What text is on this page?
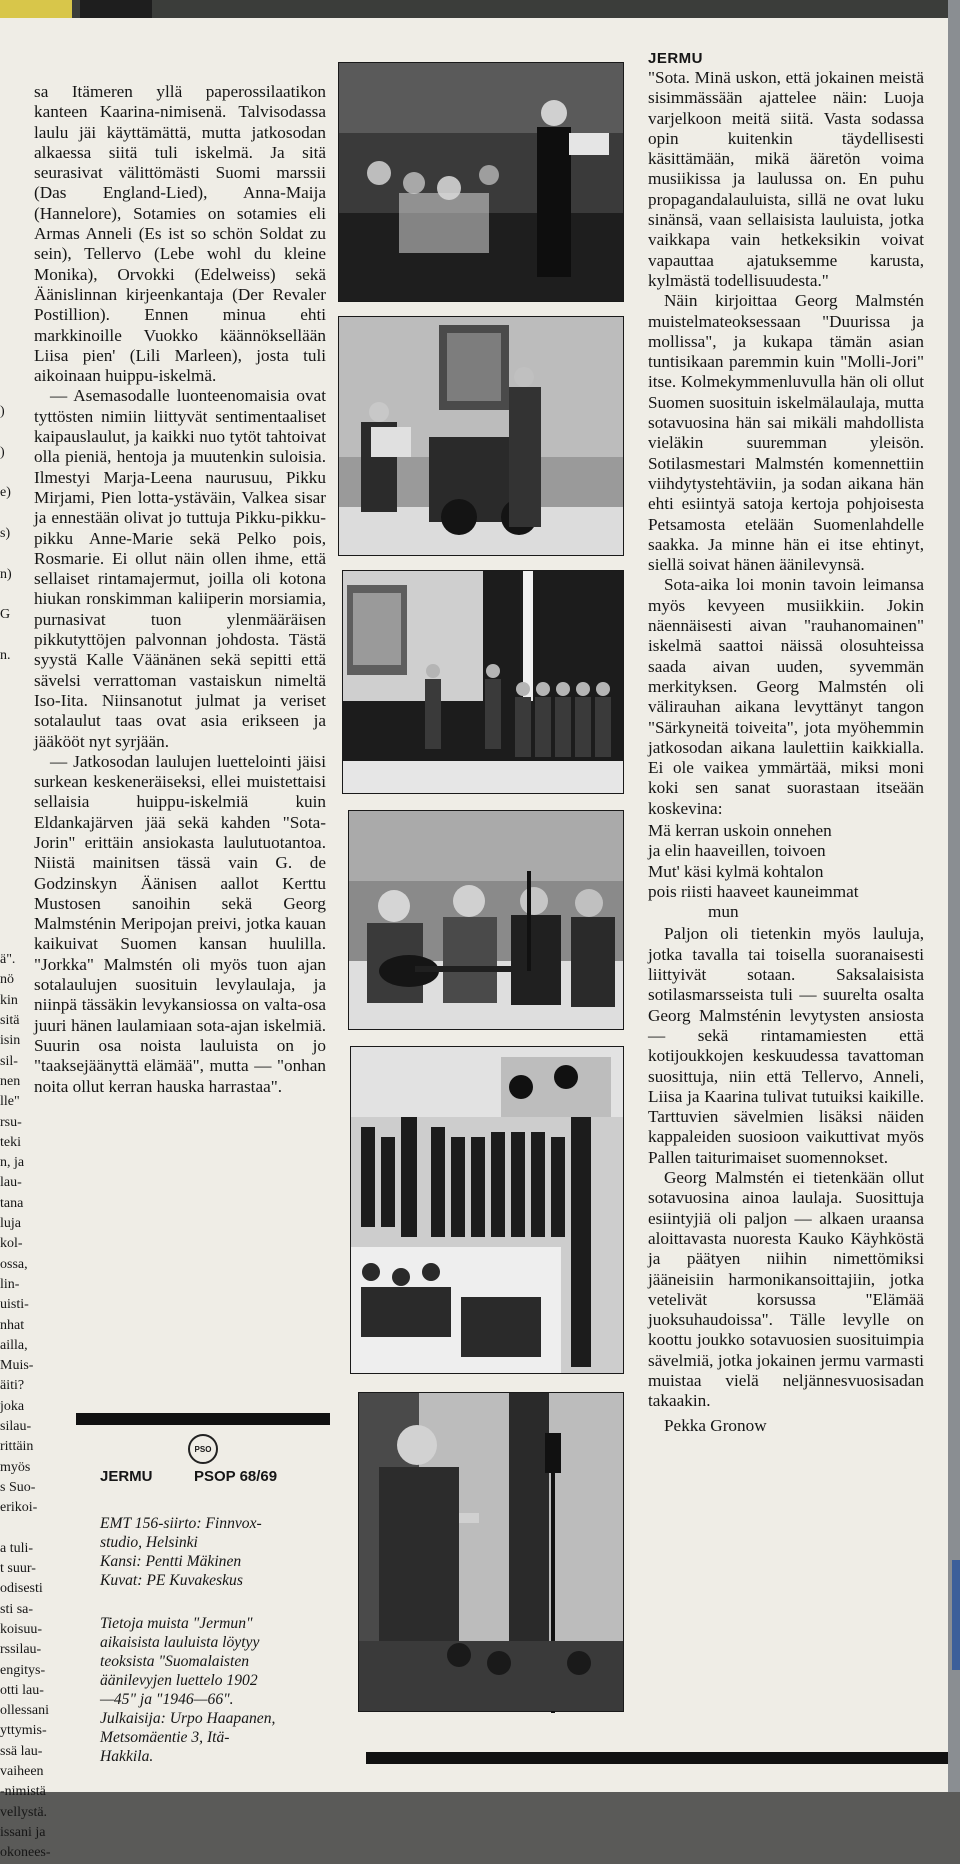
)
)
e)
s)
n)
G
n.
ä".
nö
kin
sitä
isin
sil-
nen
lle"
rsu-
teki
n, ja
lau-
tana
luja
kol-
ossa,
lin-
uisti-
nhat
ailla,
Muis-
äiti?
joka
silau-
rittäin
myös
s Suo-
erikoi-
a tuli-
t suur-
odisesti
sti sa-
koisuu-
rssilau-
engitys-
otti lau-
ollessani
yttymis-
ssä lau-
vaiheen
-nimistä
vellystä.
issani ja
okonees-

sa Itämeren yllä paperossilaatikon kanteen Kaarina-nimisenä. Talvisodassa laulu jäi käyttämättä, mutta jatkosodan alkaessa siitä tuli iskelmä. Ja sitä seurasivat välittömästi Suomi marssii (Das England-Lied), Anna-Maija (Hannelore), Sotamies on sotamies eli Armas Anneli (Es ist so schön Soldat zu sein), Tellervo (Lebe wohl du kleine Monika), Orvokki (Edelweiss) sekä Äänislinnan kirjeenkantaja (Der Revaler Postillion). Ennen minua ehti markkinoille Vuokko käännöksellään Liisa pien' (Lili Marleen), josta tuli aikoinaan huippu-iskelmä.

— Asemasodalle luonteenomaisia ovat tyttösten nimiin liittyvät sentimentaaliset kaipauslaulut, ja kaikki nuo tytöt tahtoivat olla pieniä, hentoja ja muutenkin suloisia. Ilmestyi Marja-Leena naurusuu, Pikku Mirjami, Pien lotta-ystäväin, Valkea sisar ja ennestään olivat jo tuttuja Pikku-pikku-pikku Anne-Marie sekä Pelko pois, Rosmarie. Ei ollut näin ollen ihme, että sellaiset rintamajermut, joilla oli kotona hiukan ronskimman kaliiperin morsiamia, purnasivat tuon ylenmääräisen pikkutyttöjen palvonnan johdosta. Tästä syystä Kalle Väänänen sekä sepitti että sävelsi verrattoman vastaiskun nimeltä Iso-Iita. Niinsanotut julmat ja veriset sotalaulut taas ovat asia erikseen ja jääkööt nyt syrjään.

— Jatkosodan laulujen luettelointi jäisi surkean keskeneräiseksi, ellei muistettaisi sellaisia huippu-iskelmiä kuin Eldankajärven jää sekä kahden "Sota-Jorin" erittäin ansiokasta laulutuotantoa. Niistä mainitsen tässä vain G. de Godzinskyn Äänisen aallot Kerttu Mustosen sanoihin sekä Georg Malmsténin Meripojan preivi, jotka kauan kaikuivat Suomen kansan huulilla. "Jorkka" Malmstén oli myös tuon ajan sotalaulujen suosituin levylaulaja, ja niinpä tässäkin levykansiossa on valta-osa juuri hänen laulamiaan sota-ajan iskelmiä. Suurin osa noista lauluista on jo "taaksejäänyttä elämää", mutta — "onhan noita ollut kerran hauska harrastaa".

PSO
JERMU	PSOP 68/69
EMT 156-siirto: Finnvox-
studio, Helsinki
Kansi: Pentti Mäkinen
Kuvat: PE Kuvakeskus
Tietoja muista "Jermun"
aikaisista lauluista löytyy
teoksista "Suomalaisten
äänilevyjen luettelo 1902
—45" ja "1946—66".
Julkaisija: Urpo Haapanen,
Metsomäentie 3, Itä-
Hakkila.
JERMU

"Sota. Minä uskon, että jokainen meistä sisimmässään ajattelee näin: Luoja varjelkoon meitä siitä. Vasta sodassa opin kuitenkin täydellisesti käsittämään, mikä ääretön voima musiikissa ja laulussa on. En puhu propagandalauluista, sillä ne ovat luku sinänsä, vaan sellaisista lauluista, jotka vaikkapa vain hetkeksikin voivat vapauttaa ajatuksemme karusta, kylmästä todellisuudesta."

Näin kirjoittaa Georg Malmstén muistelmateoksessaan "Duurissa ja mollissa", ja kukapa tämän asian tuntisikaan paremmin kuin "Molli-Jori" itse. Kolmekymmenluvulla hän oli ollut Suomen suosituin iskelmälaulaja, mutta sotavuosina hän sai mikäli mahdollista vieläkin suuremman yleisön. Sotilasmestari Malmstén komennettiin viihdytystehtäviin, ja sodan aikana hän ehti esiintyä satoja kertoja pohjoisesta Petsamosta etelään Suomenlahdelle saakka. Ja minne hän ei itse ehtinyt, siellä soivat hänen äänilevynsä.

Sota-aika loi monin tavoin leimansa myös kevyeen musiikkiin. Jokin näennäisesti aivan "rauhanomainen" iskelmä saattoi näissä olosuhteissa saada aivan uuden, syvemmän merkityksen. Georg Malmstén oli välirauhan aikana levyttänyt tangon "Särkyneitä toiveita", jota myöhemmin jatkosodan aikana laulettiin kaikkialla. Ei ole vaikea ymmärtää, miksi moni koki sen sanat suorastaan itseään koskevina:

Mä kerran uskoin onnehen
ja elin haaveillen, toivoen
Mut' käsi kylmä kohtalon
pois riisti haaveet kauneimmat
mun

Paljon oli tietenkin myös lauluja, jotka tavalla tai toisella suoranaisesti liittyivät sotaan. Saksalaisista sotilasmarsseista tuli — suurelta osalta Georg Malmsténin levytysten ansiosta — sekä rintamamiesten että kotijoukkojen keskuudessa tavattoman suosittuja, niin että Tellervo, Anneli, Liisa ja Kaarina tulivat tutuiksi kaikille. Tarttuvien sävelmien lisäksi näiden kappaleiden suosioon vaikuttivat myös Pallen taiturimaiset suomennokset.

Georg Malmstén ei tietenkään ollut sotavuosina ainoa laulaja. Suosittuja esiintyjiä oli paljon — alkaen uraansa aloittavasta nuoresta Kauko Käyhköstä ja päätyen niihin nimettömiksi jääneisiin harmonikansoittajiin, jotka vetelivät korsussa "Elämää juoksuhaudoissa". Tälle levylle on koottu joukko sotavuosien suosituimpia sävelmiä, jotka jokainen jermu varmasti muistaa vielä neljännesvuosisadan takaakin.

Pekka Gronow
